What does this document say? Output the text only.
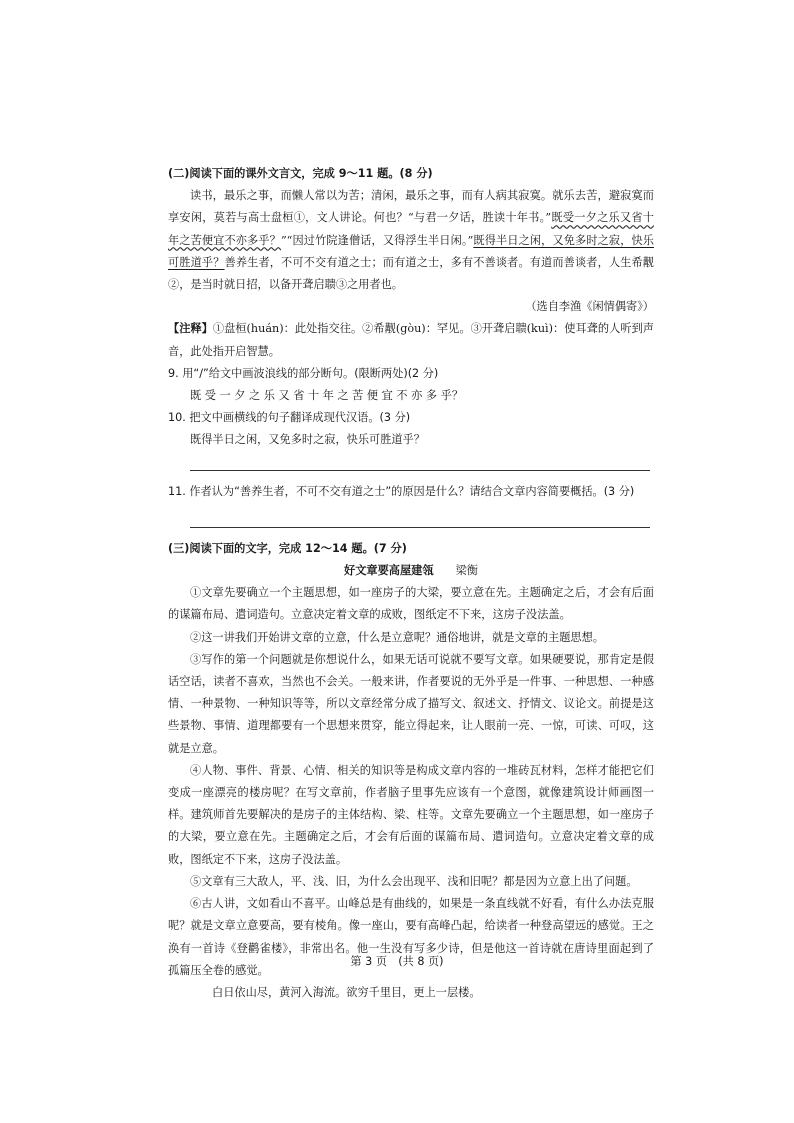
(二)阅读下面的课外文言文，完成 9～11 题。(8 分)

读书，最乐之事，而懒人常以为苦；清闲，最乐之事，而有人病其寂寞。就乐去苦，避寂寞而享安闲，莫若与高士盘桓①，文人讲论。何也？“与君一夕话，胜读十年书。”既受一夕之乐又省十年之苦便宜不亦多乎？”“因过竹院逢僧话，又得浮生半日闲。”既得半日之闲，又免多时之寂，快乐可胜道乎？善养生者，不可不交有道之士；而有道之士，多有不善谈者。有道而善谈者，人生希觏②，是当时就日招，以备开聋启聩③之用者也。

（选自李渔《闲情偶寄》）

【注释】①盘桓(huán)：此处指交往。②希觏(gòu)：罕见。③开聋启聩(kuì)：使耳聋的人听到声音，此处指开启智慧。

9. 用“/”给文中画波浪线的部分断句。(限断两处)(2 分)

既 受 一 夕 之 乐 又 省 十 年 之 苦 便 宜 不 亦 多 乎？

10. 把文中画横线的句子翻译成现代汉语。(3 分)

既得半日之闲，又免多时之寂，快乐可胜道乎？

11. 作者认为“善养生者，不可不交有道之士”的原因是什么？请结合文章内容简要概括。(3 分)

(三)阅读下面的文字，完成 12～14 题。(7 分)

好文章要高屋建瓴 梁衡

①文章先要确立一个主题思想，如一座房子的大梁，要立意在先。主题确定之后，才会有后面的谋篇布局、遣词造句。立意决定着文章的成败，图纸定不下来，这房子没法盖。

②这一讲我们开始讲文章的立意，什么是立意呢？通俗地讲，就是文章的主题思想。

③写作的第一个问题就是你想说什么，如果无话可说就不要写文章。如果硬要说，那肯定是假话空话，读者不喜欢，当然也不会关。一般来讲，作者要说的无外乎是一件事、一种思想、一种感情、一种景物、一种知识等等，所以文章经常分成了描写文、叙述文、抒情文、议论文。前提是这些景物、事情、道理都要有一个思想来贯穿，能立得起来，让人眼前一亮、一惊，可读、可叹，这就是立意。

④人物、事件、背景、心情、相关的知识等是构成文章内容的一堆砖瓦材料，怎样才能把它们变成一座漂亮的楼房呢？在写文章前，作者脑子里事先应该有一个意图，就像建筑设计师画图一样。建筑师首先要解决的是房子的主体结构、梁、柱等。文章先要确立一个主题思想，如一座房子的大梁，要立意在先。主题确定之后，才会有后面的谋篇布局、遣词造句。立意决定着文章的成败，图纸定不下来，这房子没法盖。

⑤文章有三大敌人，平、浅、旧，为什么会出现平、浅和旧呢？都是因为立意上出了问题。

⑥古人讲，文如看山不喜平。山峰总是有曲线的，如果是一条直线就不好看，有什么办法克服呢？就是文章立意要高，要有棱角。像一座山，要有高峰凸起，给读者一种登高望远的感觉。王之涣有一首诗《登鹳雀楼》，非常出名。他一生没有写多少诗，但是他这一首诗就在唐诗里面起到了孤篇压全卷的感觉。

白日依山尽，黄河入海流。欲穷千里目，更上一层楼。

第 3 页　(共 8 页)
